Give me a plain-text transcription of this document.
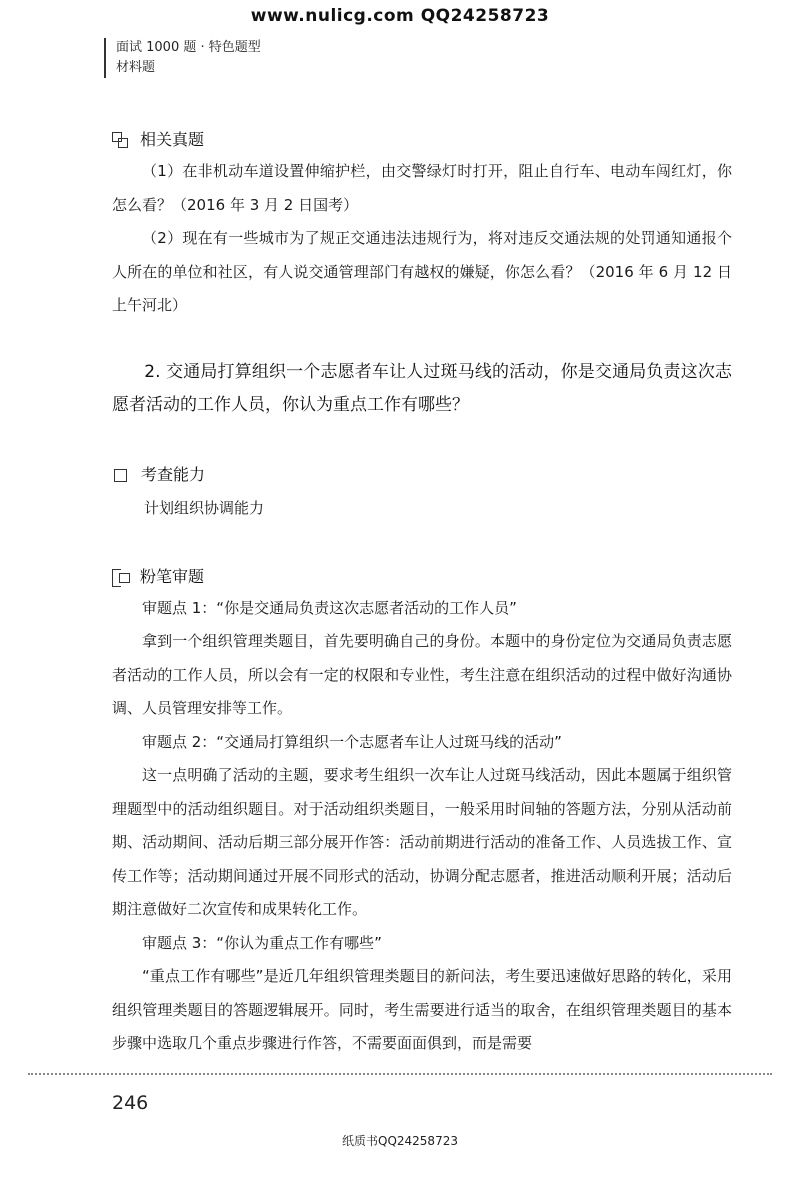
www.nulicg.com QQ24258723
面试 1000 题 · 特色题型
材料题
相关真题
（1）在非机动车道设置伸缩护栏，由交警绿灯时打开，阻止自行车、电动车闯红灯，你怎么看？（2016 年 3 月 2 日国考）
（2）现在有一些城市为了规正交通违法违规行为，将对违反交通法规的处罚通知通报个人所在的单位和社区，有人说交通管理部门有越权的嫌疑，你怎么看？（2016 年 6 月 12 日上午河北）
2. 交通局打算组织一个志愿者车让人过斑马线的活动，你是交通局负责这次志愿者活动的工作人员，你认为重点工作有哪些？
考查能力
计划组织协调能力
粉笔审题
审题点 1：“你是交通局负责这次志愿者活动的工作人员”
拿到一个组织管理类题目，首先要明确自己的身份。本题中的身份定位为交通局负责志愿者活动的工作人员，所以会有一定的权限和专业性，考生注意在组织活动的过程中做好沟通协调、人员管理安排等工作。
审题点 2：“交通局打算组织一个志愿者车让人过斑马线的活动”
这一点明确了活动的主题，要求考生组织一次车让人过斑马线活动，因此本题属于组织管理题型中的活动组织题目。对于活动组织类题目，一般采用时间轴的答题方法，分别从活动前期、活动期间、活动后期三部分展开作答：活动前期进行活动的准备工作、人员选拔工作、宣传工作等；活动期间通过开展不同形式的活动，协调分配志愿者，推进活动顺利开展；活动后期注意做好二次宣传和成果转化工作。
审题点 3：“你认为重点工作有哪些”
“重点工作有哪些”是近几年组织管理类题目的新问法，考生要迅速做好思路的转化，采用组织管理类题目的答题逻辑展开。同时，考生需要进行适当的取舍，在组织管理类题目的基本步骤中选取几个重点步骤进行作答，不需要面面俱到，而是需要
246
纸质书QQ24258723
